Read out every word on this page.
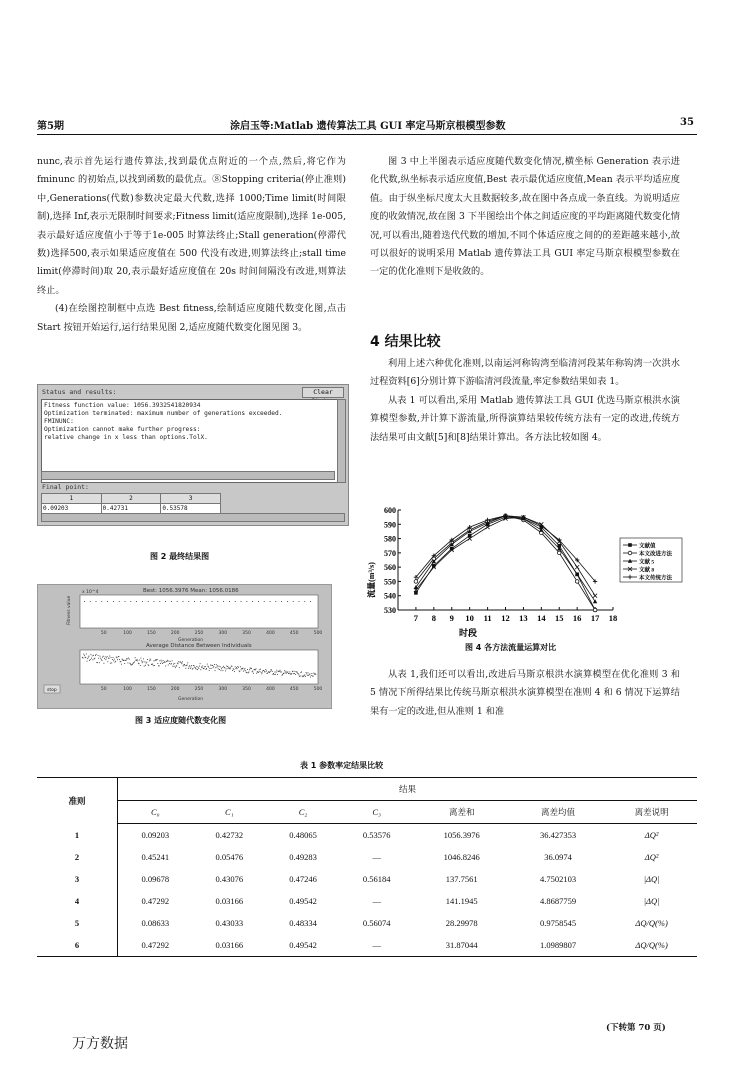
第5期	涂启玉等:Matlab 遗传算法工具 GUI 率定马斯京根模型参数	35

nunc,表示首先运行遗传算法,找到最优点附近的一个点,然后,将它作为fminunc 的初始点,以找到函数的最优点。⑧Stopping criteria(停止准则)中,Generations(代数)参数决定最大代数,选择 1000;Time limit(时间限制),选择 Inf,表示无限制时间要求;Fitness limit(适应度限制),选择 1e-005,表示最好适应度值小于等于1e-005 时算法终止;Stall generation(停滞代数)选择500,表示如果适应度值在 500 代没有改进,则算法终止;stall time limit(停滞时间)取 20,表示最好适应度值在 20s 时间间隔没有改进,则算法终止。

(4)在绘图控制框中点选 Best fitness,绘制适应度随代数变化图,点击 Start 按钮开始运行,运行结果见图 2,适应度随代数变化图见图 3。

Status and results:	Clear
Fitness function value: 1056.3932541820934
Optimization terminated: maximum number of generations exceeded.
FMINUNC:
Optimization cannot make further progress:
relative change in x less than options.TolX.
Final point:
1	2	3
0.09203	0.42731	0.53578
图 2 最终结果图
Best: 1056.3976 Mean: 1056.0186
x 10^4
Fitness value
Generation
Average Distance Between Individuals
50	100	150	200	250	300	350	400	450	500
50	100	150	200	250	300	350	400	450	500
Generation
stop
图 3 适应度随代数变化图

图 3 中上半图表示适应度随代数变化情况,横坐标 Generation 表示进化代数,纵坐标表示适应度值,Best 表示最优适应度值,Mean 表示平均适应度值。由于纵坐标尺度太大且数据较多,故在图中各点成一条直线。为说明适应度的收敛情况,故在图 3 下半图绘出个体之间适应度的平均距离随代数变化情况,可以看出,随着迭代代数的增加,不同个体适应度之间的的差距越来越小,故可以很好的说明采用 Matlab 遗传算法工具 GUI 率定马斯京根模型参数在一定的优化准则下是收敛的。

4 结果比较

利用上述六种优化准则,以南运河称钩湾至临清河段某年称钩湾一次洪水过程资料[6]分别计算下游临清河段流量,率定参数结果如表 1。

从表 1 可以看出,采用 Matlab 遗传算法工具 GUI 优选马斯京根洪水演算模型参数,并计算下游流量,所得演算结果较传统方法有一定的改进,传统方法结果可由文献[5]和[8]结果计算出。各方法比较如图 4。

530
540
550
560
570
580
590
600
7 8 9 10 11 12 13 14 15 16 17 18
文献值
本文改进方法
文献 5
文献 8
本文传统方法
时段
流量(m³/s)
图 4 各方法流量运算对比

从表 1,我们还可以看出,改进后马斯京根洪水演算模型在优化准则 3 和 5 情况下所得结果比传统马斯京根洪水演算模型在准则 4 和 6 情况下运算结果有一定的改进,但从准则 1 和准

表 1 参数率定结果比较
准则	结果						
	C₀	C₁	C₂	C₃	离差和	离差均值	离差说明
1	0.09203	0.42732	0.48065	0.53576	1056.3976	36.427353	ΔQ²
2	0.45241	0.05476	0.49283	—	1046.8246	36.0974	ΔQ²
3	0.09678	0.43076	0.47246	0.56184	137.7561	4.7502103	|ΔQ|
4	0.47292	0.03166	0.49542	—	141.1945	4.8687759	|ΔQ|
5	0.08633	0.43033	0.48334	0.56074	28.29978	0.9758545	ΔQ/Q(%)
6	0.47292	0.03166	0.49542	—	31.87044	1.0989807	ΔQ/Q(%)
(下转第 70 页)
万方数据
